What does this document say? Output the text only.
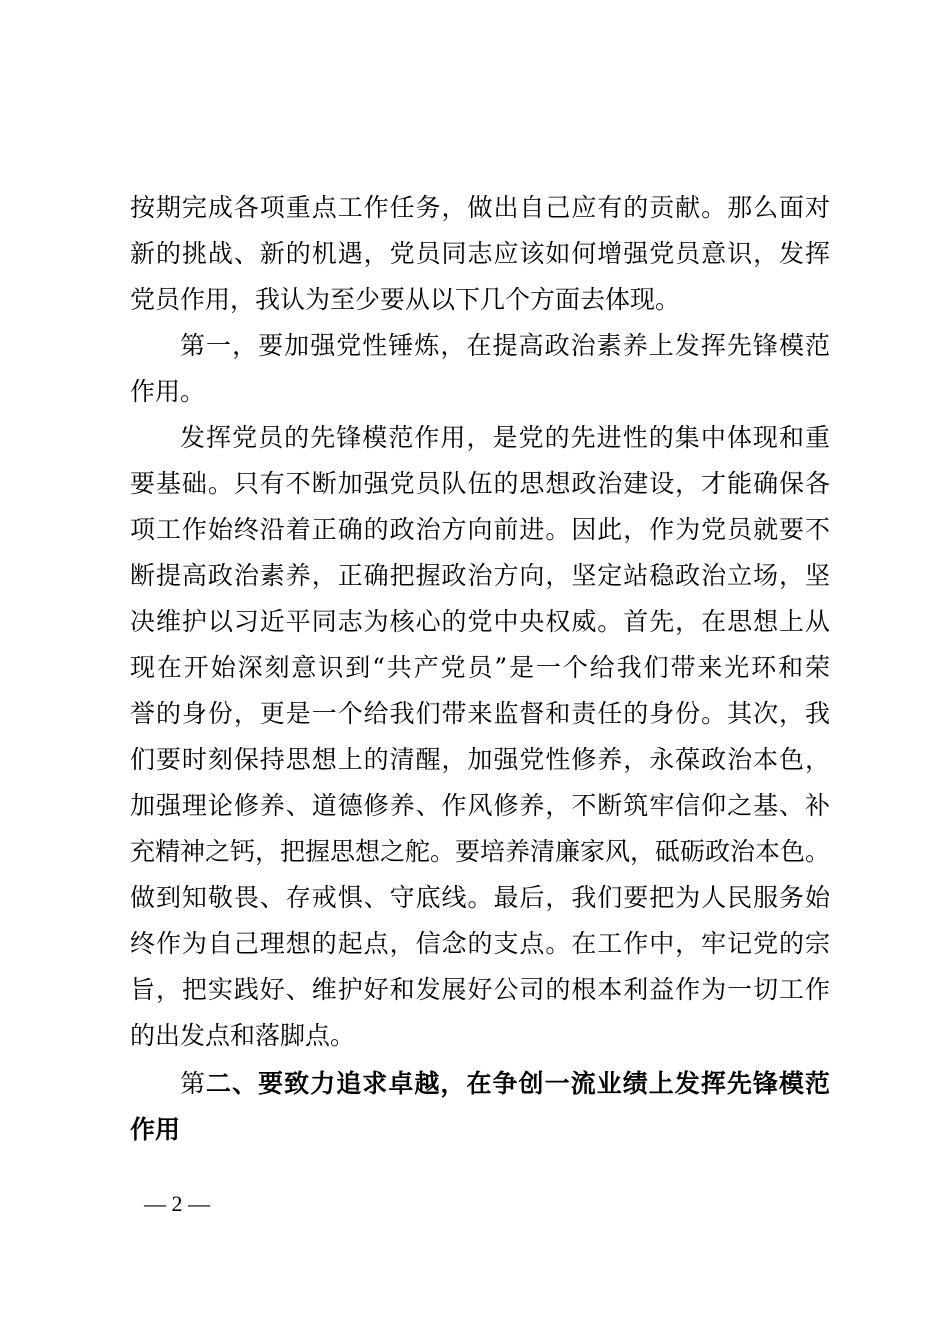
按期完成各项重点工作任务，做出自己应有的贡献。那么面对
新的挑战、新的机遇，党员同志应该如何增强党员意识，发挥
党员作用，我认为至少要从以下几个方面去体现。
第一，要加强党性锤炼，在提高政治素养上发挥先锋模范
作用。
发挥党员的先锋模范作用，是党的先进性的集中体现和重
要基础。只有不断加强党员队伍的思想政治建设，才能确保各
项工作始终沿着正确的政治方向前进。因此，作为党员就要不
断提高政治素养，正确把握政治方向，坚定站稳政治立场，坚
决维护以习近平同志为核心的党中央权威。首先，在思想上从
现在开始深刻意识到“共产党员”是一个给我们带来光环和荣
誉的身份，更是一个给我们带来监督和责任的身份。其次，我
们要时刻保持思想上的清醒，加强党性修养，永葆政治本色，
加强理论修养、道德修养、作风修养，不断筑牢信仰之基、补
充精神之钙，把握思想之舵。要培养清廉家风，砥砺政治本色。
做到知敬畏、存戒惧、守底线。最后，我们要把为人民服务始
终作为自己理想的起点，信念的支点。在工作中，牢记党的宗
旨，把实践好、维护好和发展好公司的根本利益作为一切工作
的出发点和落脚点。
第二、要致力追求卓越，在争创一流业绩上发挥先锋模范
作用
— 2 —
